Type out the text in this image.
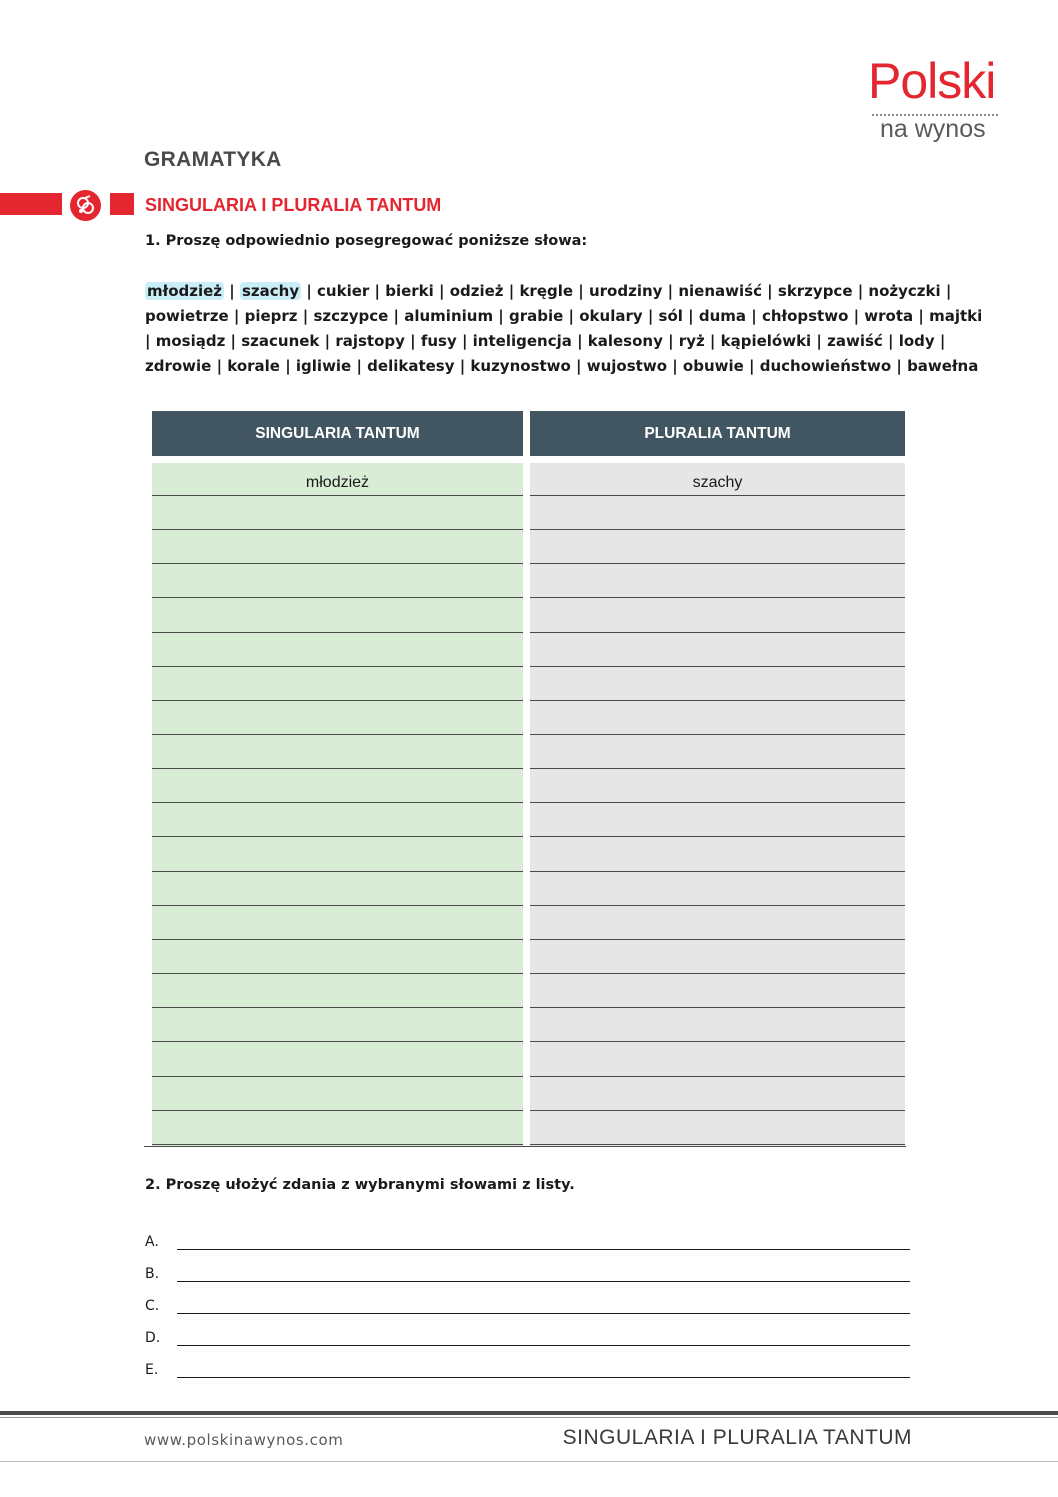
Polski
na wynos
GRAMATYKA
SINGULARIA I PLURALIA TANTUM
1. Proszę odpowiednio posegregować poniższe słowa:
młodzież | szachy | cukier | bierki | odzież | kręgle | urodziny | nienawiść | skrzypce | nożyczki |
powietrze | pieprz | szczypce | aluminium | grabie | okulary | sól | duma | chłopstwo | wrota | majtki
| mosiądz | szacunek | rajstopy | fusy | inteligencja | kalesony | ryż | kąpielówki | zawiść | lody |
zdrowie | korale | igliwie | delikatesy | kuzynostwo | wujostwo | obuwie | duchowieństwo | bawełna
SINGULARIA TANTUM	PLURALIA TANTUM
młodzież	szachy
2. Proszę ułożyć zdania z wybranymi słowami z listy.
A.
B.
C.
D.
E.
www.polskinawynos.com	SINGULARIA I PLURALIA TANTUM
